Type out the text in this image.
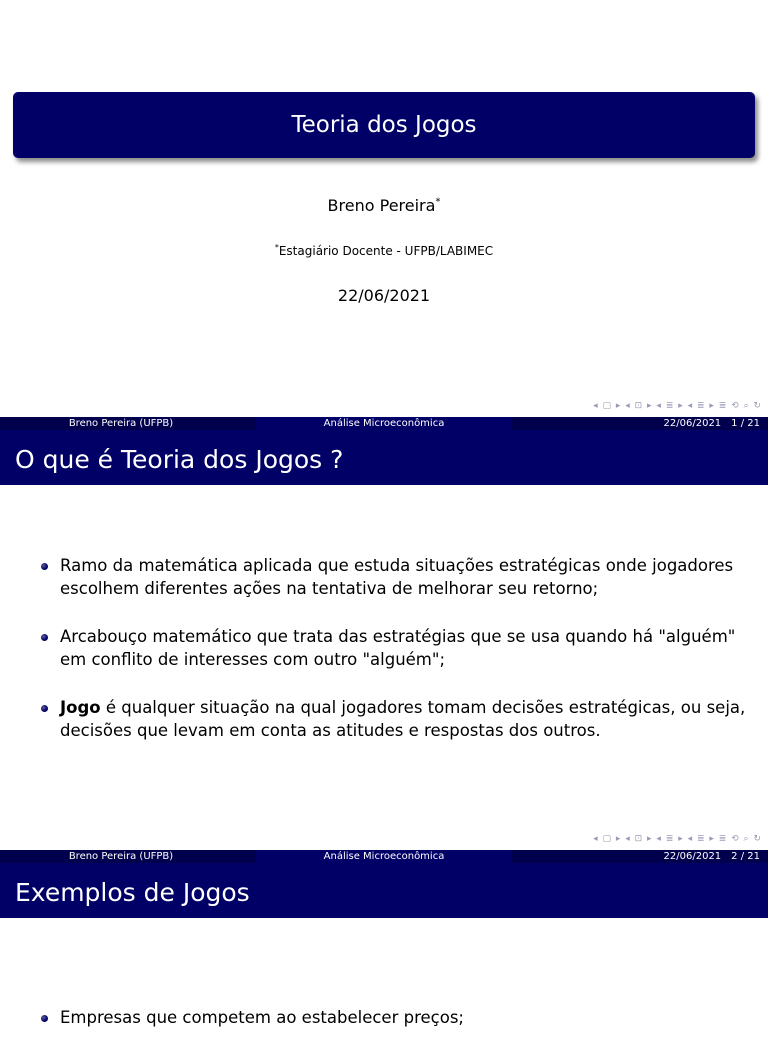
Teoria dos Jogos
Breno Pereira*
*Estagiário Docente - UFPB/LABIMEC
22/06/2021
◂ ▢ ▸ ◂ ⊡ ▸ ◂ ≣ ▸ ◂ ≣ ▸ ≣ ⟲ ⌕ ↻
Breno Pereira (UFPB)	Análise Microeconômica	22/06/2021 1 / 21
O que é Teoria dos Jogos ?
Ramo da matemática aplicada que estuda situações estratégicas onde jogadores escolhem diferentes ações na tentativa de melhorar seu retorno;
Arcabouço matemático que trata das estratégias que se usa quando há "alguém" em conflito de interesses com outro "alguém";
Jogo é qualquer situação na qual jogadores tomam decisões estratégicas, ou seja, decisões que levam em conta as atitudes e respostas dos outros.
◂ ▢ ▸ ◂ ⊡ ▸ ◂ ≣ ▸ ◂ ≣ ▸ ≣ ⟲ ⌕ ↻
Breno Pereira (UFPB)	Análise Microeconômica	22/06/2021 2 / 21
Exemplos de Jogos
Empresas que competem ao estabelecer preços;
